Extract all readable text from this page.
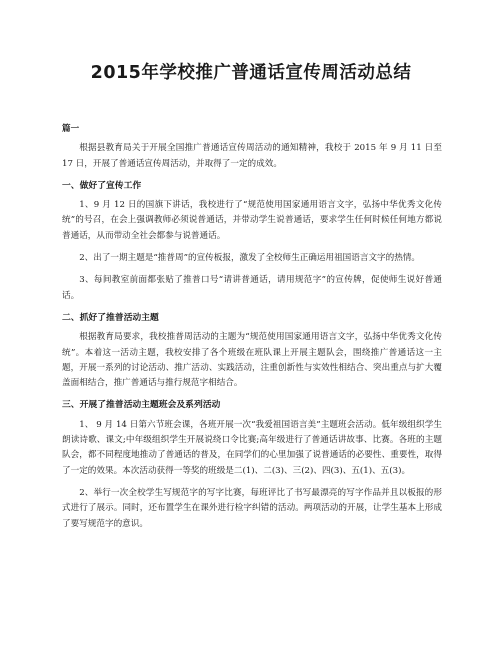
2015年学校推广普通话宣传周活动总结

篇一

根据县教育局关于开展全国推广普通话宣传周活动的通知精神，我校于 2015 年 9 月 11 日至 17 日，开展了普通话宣传周活动，并取得了一定的成效。

一、做好了宣传工作

1、9 月 12 日的国旗下讲话，我校进行了“规范使用国家通用语言文字，弘扬中华优秀文化传统”的号召，在会上强调教师必须说普通话，并带动学生说普通话，要求学生任何时候任何地方都说普通话，从而带动全社会都参与说普通话。

2、出了一期主题是“推普周”的宣传板报，激发了全校师生正确运用祖国语言文字的热情。

3、每间教室前面都张贴了推普口号“请讲普通话，请用规范字”的宣传牌，促使师生说好普通话。

二、抓好了推普活动主题

根据教育局要求，我校推普周活动的主题为“规范使用国家通用语言文字，弘扬中华优秀文化传统”。本着这一活动主题，我校安排了各个班级在班队课上开展主题队会，围绕推广普通话这一主题，开展一系列的讨论活动、推广活动、实践活动，注重创新性与实效性相结合、突出重点与扩大覆盖面相结合，推广普通话与推行规范字相结合。

三、开展了推普活动主题班会及系列活动

1、 9 月 14 日第六节班会课，各班开展一次“我爱祖国语言美”主题班会活动。低年级组织学生朗读诗歌、课文;中年级组织学生开展说绕口令比赛;高年级进行了普通话讲故事、比赛。各班的主题队会，都不同程度地推动了普通话的普及，在同学们的心里加强了说普通话的必要性、重要性，取得了一定的效果。本次活动获得一等奖的班级是二(1)、二(3)、三(2)、四(3)、五(1)、五(3)。

2、举行一次全校学生写规范字的写字比赛，每班评比了书写最漂亮的写字作品并且以板报的形式进行了展示。同时，还布置学生在课外进行检字纠错的活动。两项活动的开展，让学生基本上形成了要写规范字的意识。
